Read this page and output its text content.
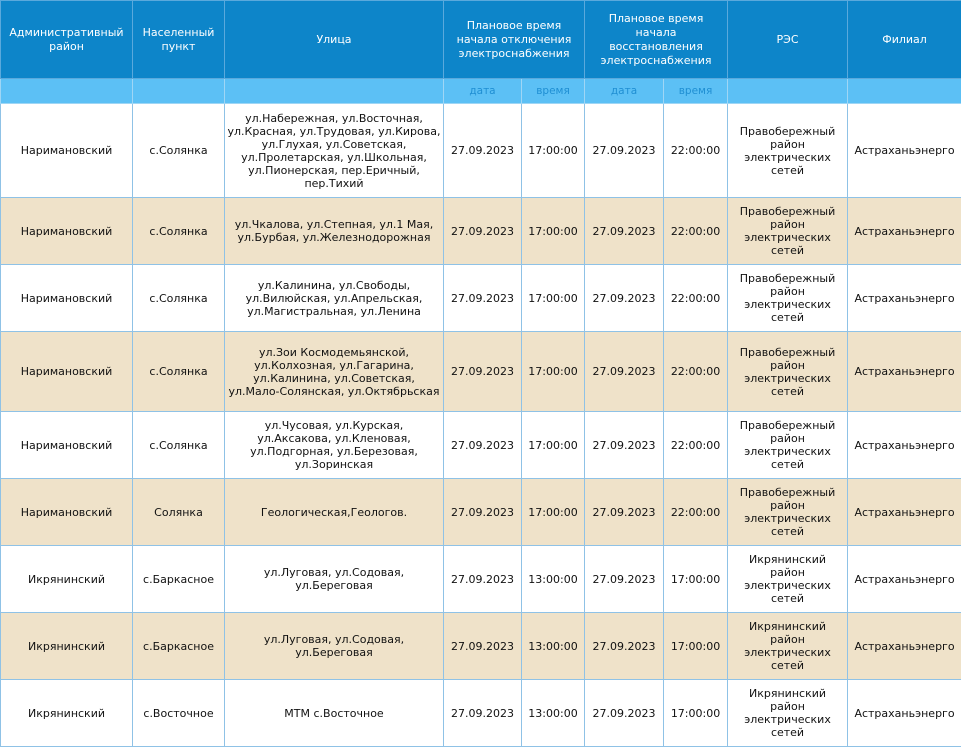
Административный район	Населенный пункт	Улица	Плановое время начала отключения электроснабжения		Плановое время начала восстановления электроснабжения		РЭС	Филиал
			дата	время	дата	время		
Наримановский	с.Солянка	ул.Набережная, ул.Восточная, ул.Красная, ул.Трудовая, ул.Кирова, ул.Глухая, ул.Советская, ул.Пролетарская, ул.Школьная, ул.Пионерская, пер.Еричный, пер.Тихий	27.09.2023	17:00:00	27.09.2023	22:00:00	Правобережный район электрических сетей	Астраханьэнерго
Наримановский	с.Солянка	ул.Чкалова, ул.Степная, ул.1 Мая, ул.Бурбая, ул.Железнодорожная	27.09.2023	17:00:00	27.09.2023	22:00:00	Правобережный район электрических сетей	Астраханьэнерго
Наримановский	с.Солянка	ул.Калинина, ул.Свободы, ул.Вилюйская, ул.Апрельская, ул.Магистральная, ул.Ленина	27.09.2023	17:00:00	27.09.2023	22:00:00	Правобережный район электрических сетей	Астраханьэнерго
Наримановский	с.Солянка	ул.Зои Космодемьянской, ул.Колхозная, ул.Гагарина, ул.Калинина, ул.Советская, ул.Мало-Солянская, ул.Октябрьская	27.09.2023	17:00:00	27.09.2023	22:00:00	Правобережный район электрических сетей	Астраханьэнерго
Наримановский	с.Солянка	ул.Чусовая, ул.Курская, ул.Аксакова, ул.Кленовая, ул.Подгорная, ул.Березовая, ул.Зоринская	27.09.2023	17:00:00	27.09.2023	22:00:00	Правобережный район электрических сетей	Астраханьэнерго
Наримановский	Солянка	Геологическая,Геологов.	27.09.2023	17:00:00	27.09.2023	22:00:00	Правобережный район электрических сетей	Астраханьэнерго
Икрянинский	с.Баркасное	ул.Луговая, ул.Содовая, ул.Береговая	27.09.2023	13:00:00	27.09.2023	17:00:00	Икрянинский район электрических сетей	Астраханьэнерго
Икрянинский	с.Баркасное	ул.Луговая, ул.Содовая, ул.Береговая	27.09.2023	13:00:00	27.09.2023	17:00:00	Икрянинский район электрических сетей	Астраханьэнерго
Икрянинский	с.Восточное	МТМ с.Восточное	27.09.2023	13:00:00	27.09.2023	17:00:00	Икрянинский район электрических сетей	Астраханьэнерго
